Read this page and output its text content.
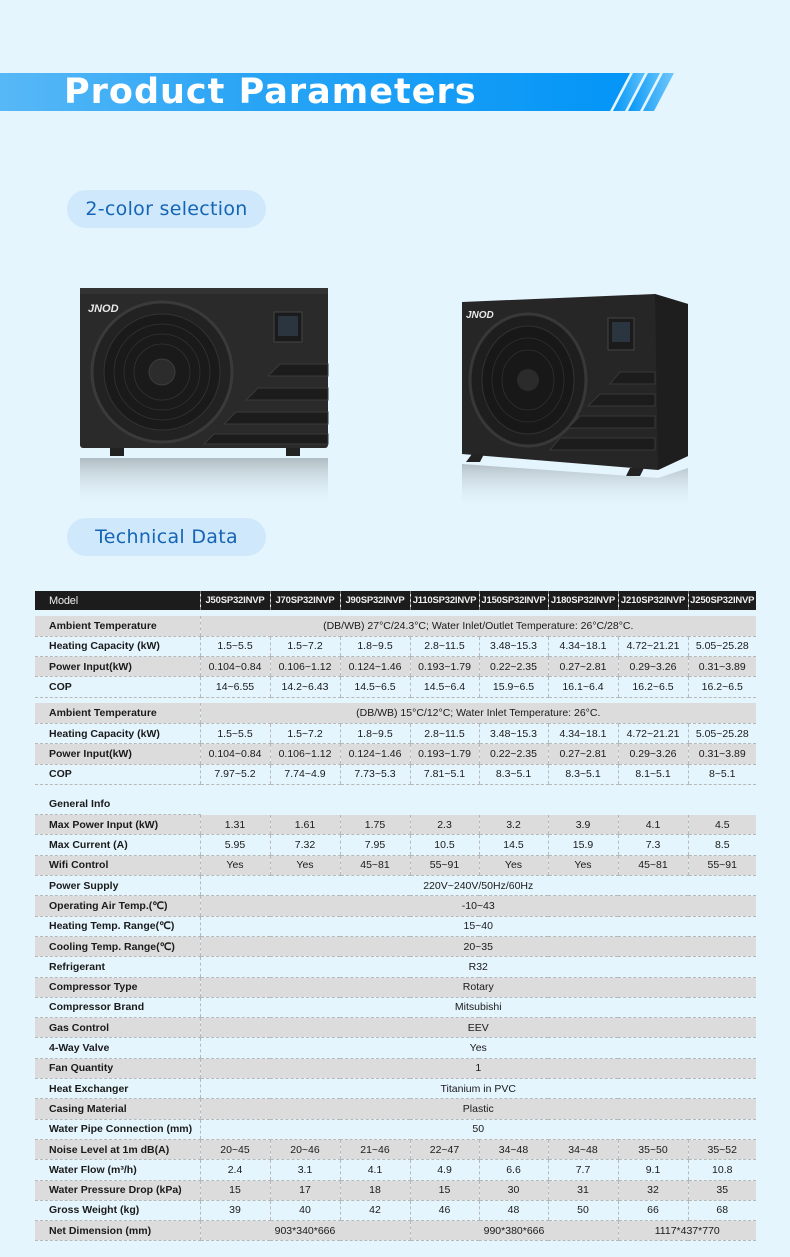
Product Parameters
2-color selection
JNOD
JNOD
Technical Data
Model	J50SP32INVP	J70SP32INVP	J90SP32INVP	J110SP32INVP	J150SP32INVP	J180SP32INVP	J210SP32INVP	J250SP32INVP

Ambient Temperature	(DB/WB) 27°C/24.3°C; Water Inlet/Outlet Temperature: 26°C/28°C.							
Heating Capacity (kW)	1.5~5.5	1.5~7.2	1.8~9.5	2.8~11.5	3.48~15.3	4.34~18.1	4.72~21.21	5.05~25.28
Power Input(kW)	0.104~0.84	0.106~1.12	0.124~1.46	0.193~1.79	0.22~2.35	0.27~2.81	0.29~3.26	0.31~3.89
COP	14~6.55	14.2~6.43	14.5~6.5	14.5~6.4	15.9~6.5	16.1~6.4	16.2~6.5	16.2~6.5

Ambient Temperature	(DB/WB) 15°C/12°C; Water Inlet Temperature: 26°C.							
Heating Capacity (kW)	1.5~5.5	1.5~7.2	1.8~9.5	2.8~11.5	3.48~15.3	4.34~18.1	4.72~21.21	5.05~25.28
Power Input(kW)	0.104~0.84	0.106~1.12	0.124~1.46	0.193~1.79	0.22~2.35	0.27~2.81	0.29~3.26	0.31~3.89
COP	7.97~5.2	7.74~4.9	7.73~5.3	7.81~5.1	8.3~5.1	8.3~5.1	8.1~5.1	8~5.1

General Info								
Max Power Input (kW)	1.31	1.61	1.75	2.3	3.2	3.9	4.1	4.5
Max Current (A)	5.95	7.32	7.95	10.5	14.5	15.9	7.3	8.5
Wifi Control	Yes	Yes	45~81	55~91	Yes	Yes	45~81	55~91
Power Supply	220V~240V/50Hz/60Hz							
Operating Air Temp.(℃)	-10~43							
Heating Temp. Range(℃)	15~40							
Cooling Temp. Range(℃)	20~35							
Refrigerant	R32							
Compressor Type	Rotary							
Compressor Brand	Mitsubishi							
Gas Control	EEV							
4-Way Valve	Yes							
Fan Quantity	1							
Heat Exchanger	Titanium in PVC							
Casing Material	Plastic							
Water Pipe Connection (mm)	50							
Noise Level at 1m dB(A)	20~45	20~46	21~46	22~47	34~48	34~48	35~50	35~52
Water Flow (m³/h)	2.4	3.1	4.1	4.9	6.6	7.7	9.1	10.8
Water Pressure Drop (kPa)	15	17	18	15	30	31	32	35
Gross Weight (kg)	39	40	42	46	48	50	66	68
Net Dimension (mm)	903*340*666			990*380*666			1117*437*770	
